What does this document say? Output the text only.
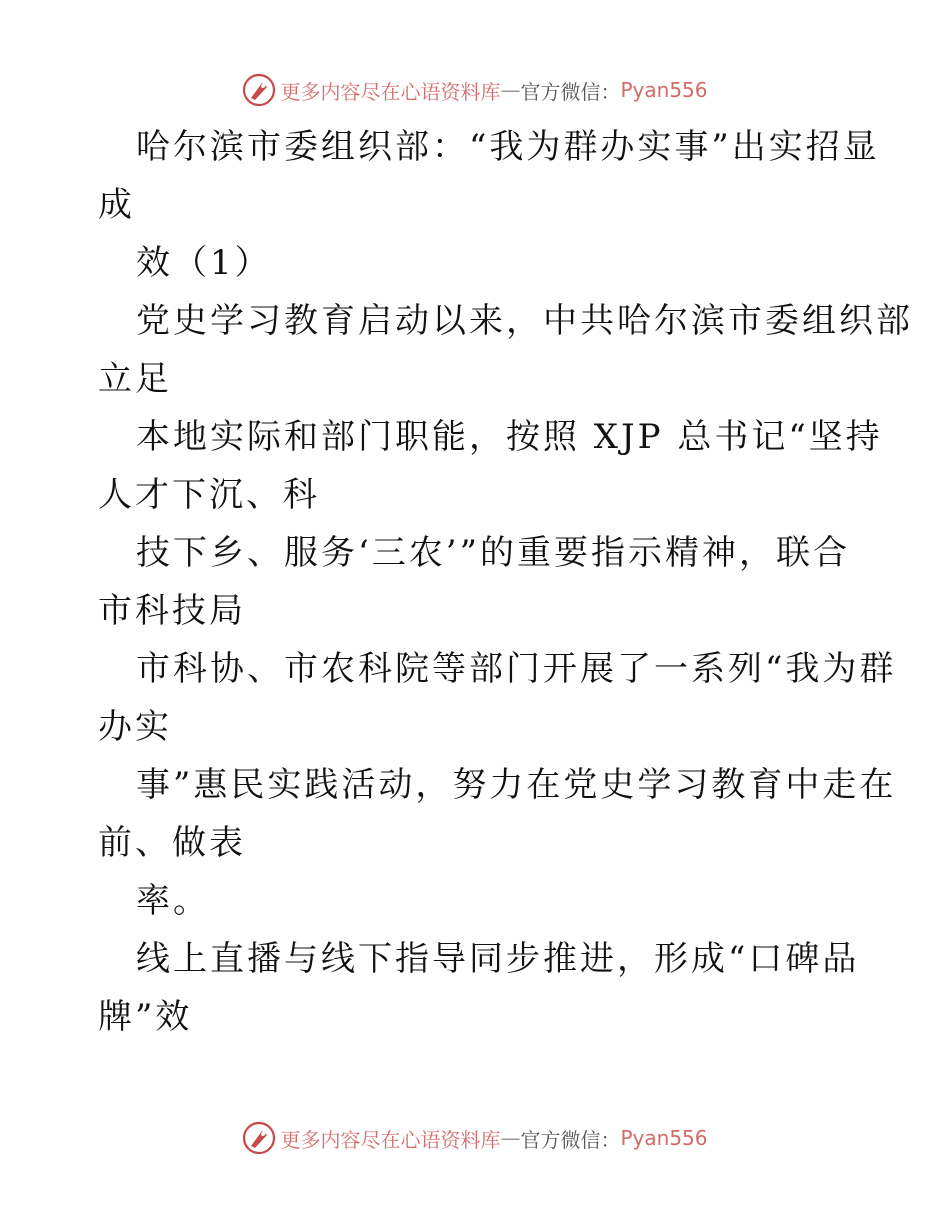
更多内容尽在心语资料库 — 官方微信： Pyan556
哈尔滨市委组织部：“我为群办实事”出实招显
成
效（1）
党史学习教育启动以来，中共哈尔滨市委组织部
立足
本地实际和部门职能，按照 XJP 总书记“坚持
人才下沉、科
技下乡、服务‘三农’”的重要指示精神，联合
市科技局
市科协、市农科院等部门开展了一系列“我为群
办实
事”惠民实践活动，努力在党史学习教育中走在
前、做表
率。
线上直播与线下指导同步推进，形成“口碑品
牌”效
更多内容尽在心语资料库 — 官方微信： Pyan556
